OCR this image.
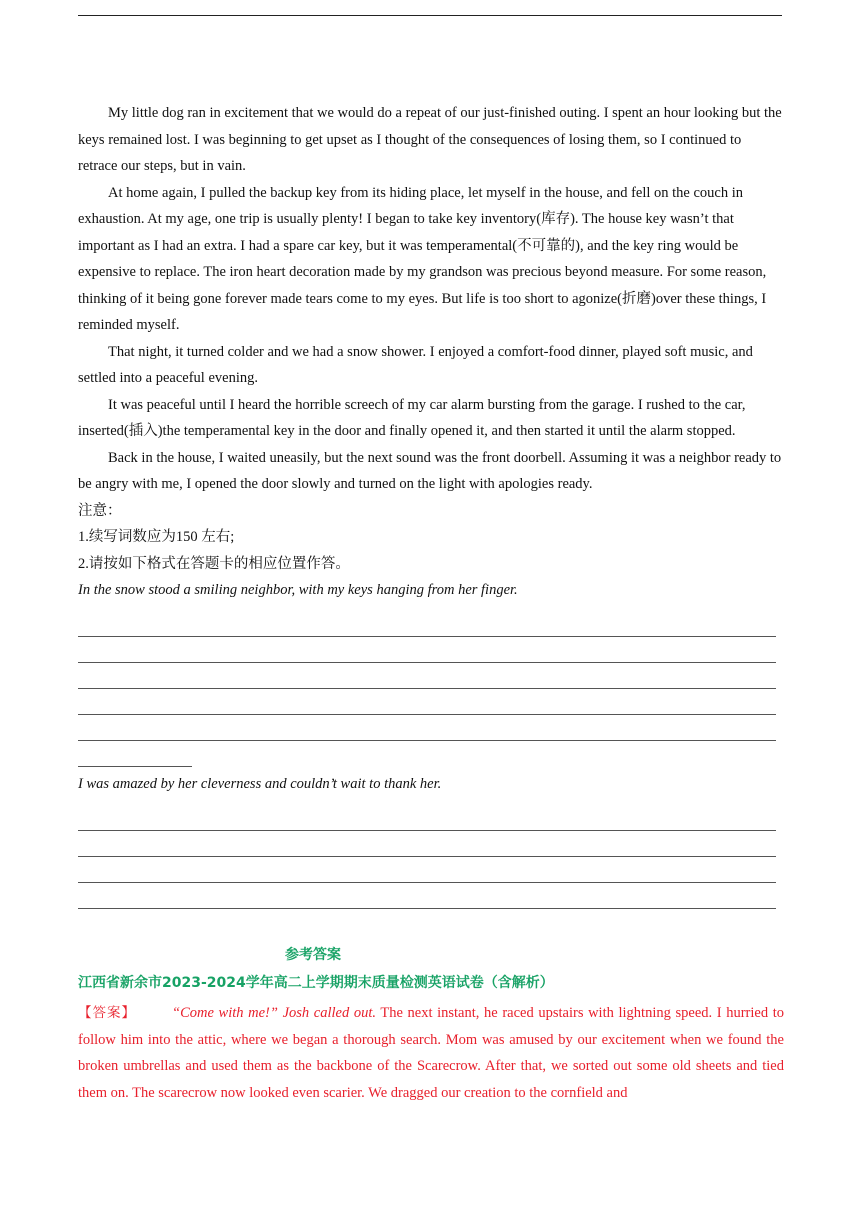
My little dog ran in excitement that we would do a repeat of our just-finished outing. I spent an hour looking but the keys remained lost. I was beginning to get upset as I thought of the consequences of losing them, so I continued to retrace our steps, but in vain.

At home again, I pulled the backup key from its hiding place, let myself in the house, and fell on the couch in exhaustion. At my age, one trip is usually plenty! I began to take key inventory(库存). The house key wasn’t that important as I had an extra. I had a spare car key, but it was temperamental(不可靠的), and the key ring would be expensive to replace. The iron heart decoration made by my grandson was precious beyond measure. For some reason, thinking of it being gone forever made tears come to my eyes. But life is too short to agonize(折磨)over these things, I reminded myself.

That night, it turned colder and we had a snow shower. I enjoyed a comfort-food dinner, played soft music, and settled into a peaceful evening.

It was peaceful until I heard the horrible screech of my car alarm bursting from the garage. I rushed to the car, inserted(插入)the temperamental key in the door and finally opened it, and then started it until the alarm stopped.

Back in the house, I waited uneasily, but the next sound was the front doorbell. Assuming it was a neighbor ready to be angry with me, I opened the door slowly and turned on the light with apologies ready.

注意：

1.续写词数应为150 左右;

2.请按如下格式在答题卡的相应位置作答。

In the snow stood a smiling neighbor, with my keys hanging from her finger.

I was amazed by her cleverness and couldn’t wait to thank her.

参考答案
江西省新余市2023-2024学年高二上学期期末质量检测英语试卷（含解析）

【答案】 “Come with me!” Josh called out. The next instant, he raced upstairs with lightning speed. I hurried to follow him into the attic, where we began a thorough search. Mom was amused by our excitement when we found the broken umbrellas and used them as the backbone of the Scarecrow. After that, we sorted out some old sheets and tied them on. The scarecrow now looked even scarier. We dragged our creation to the cornfield and
